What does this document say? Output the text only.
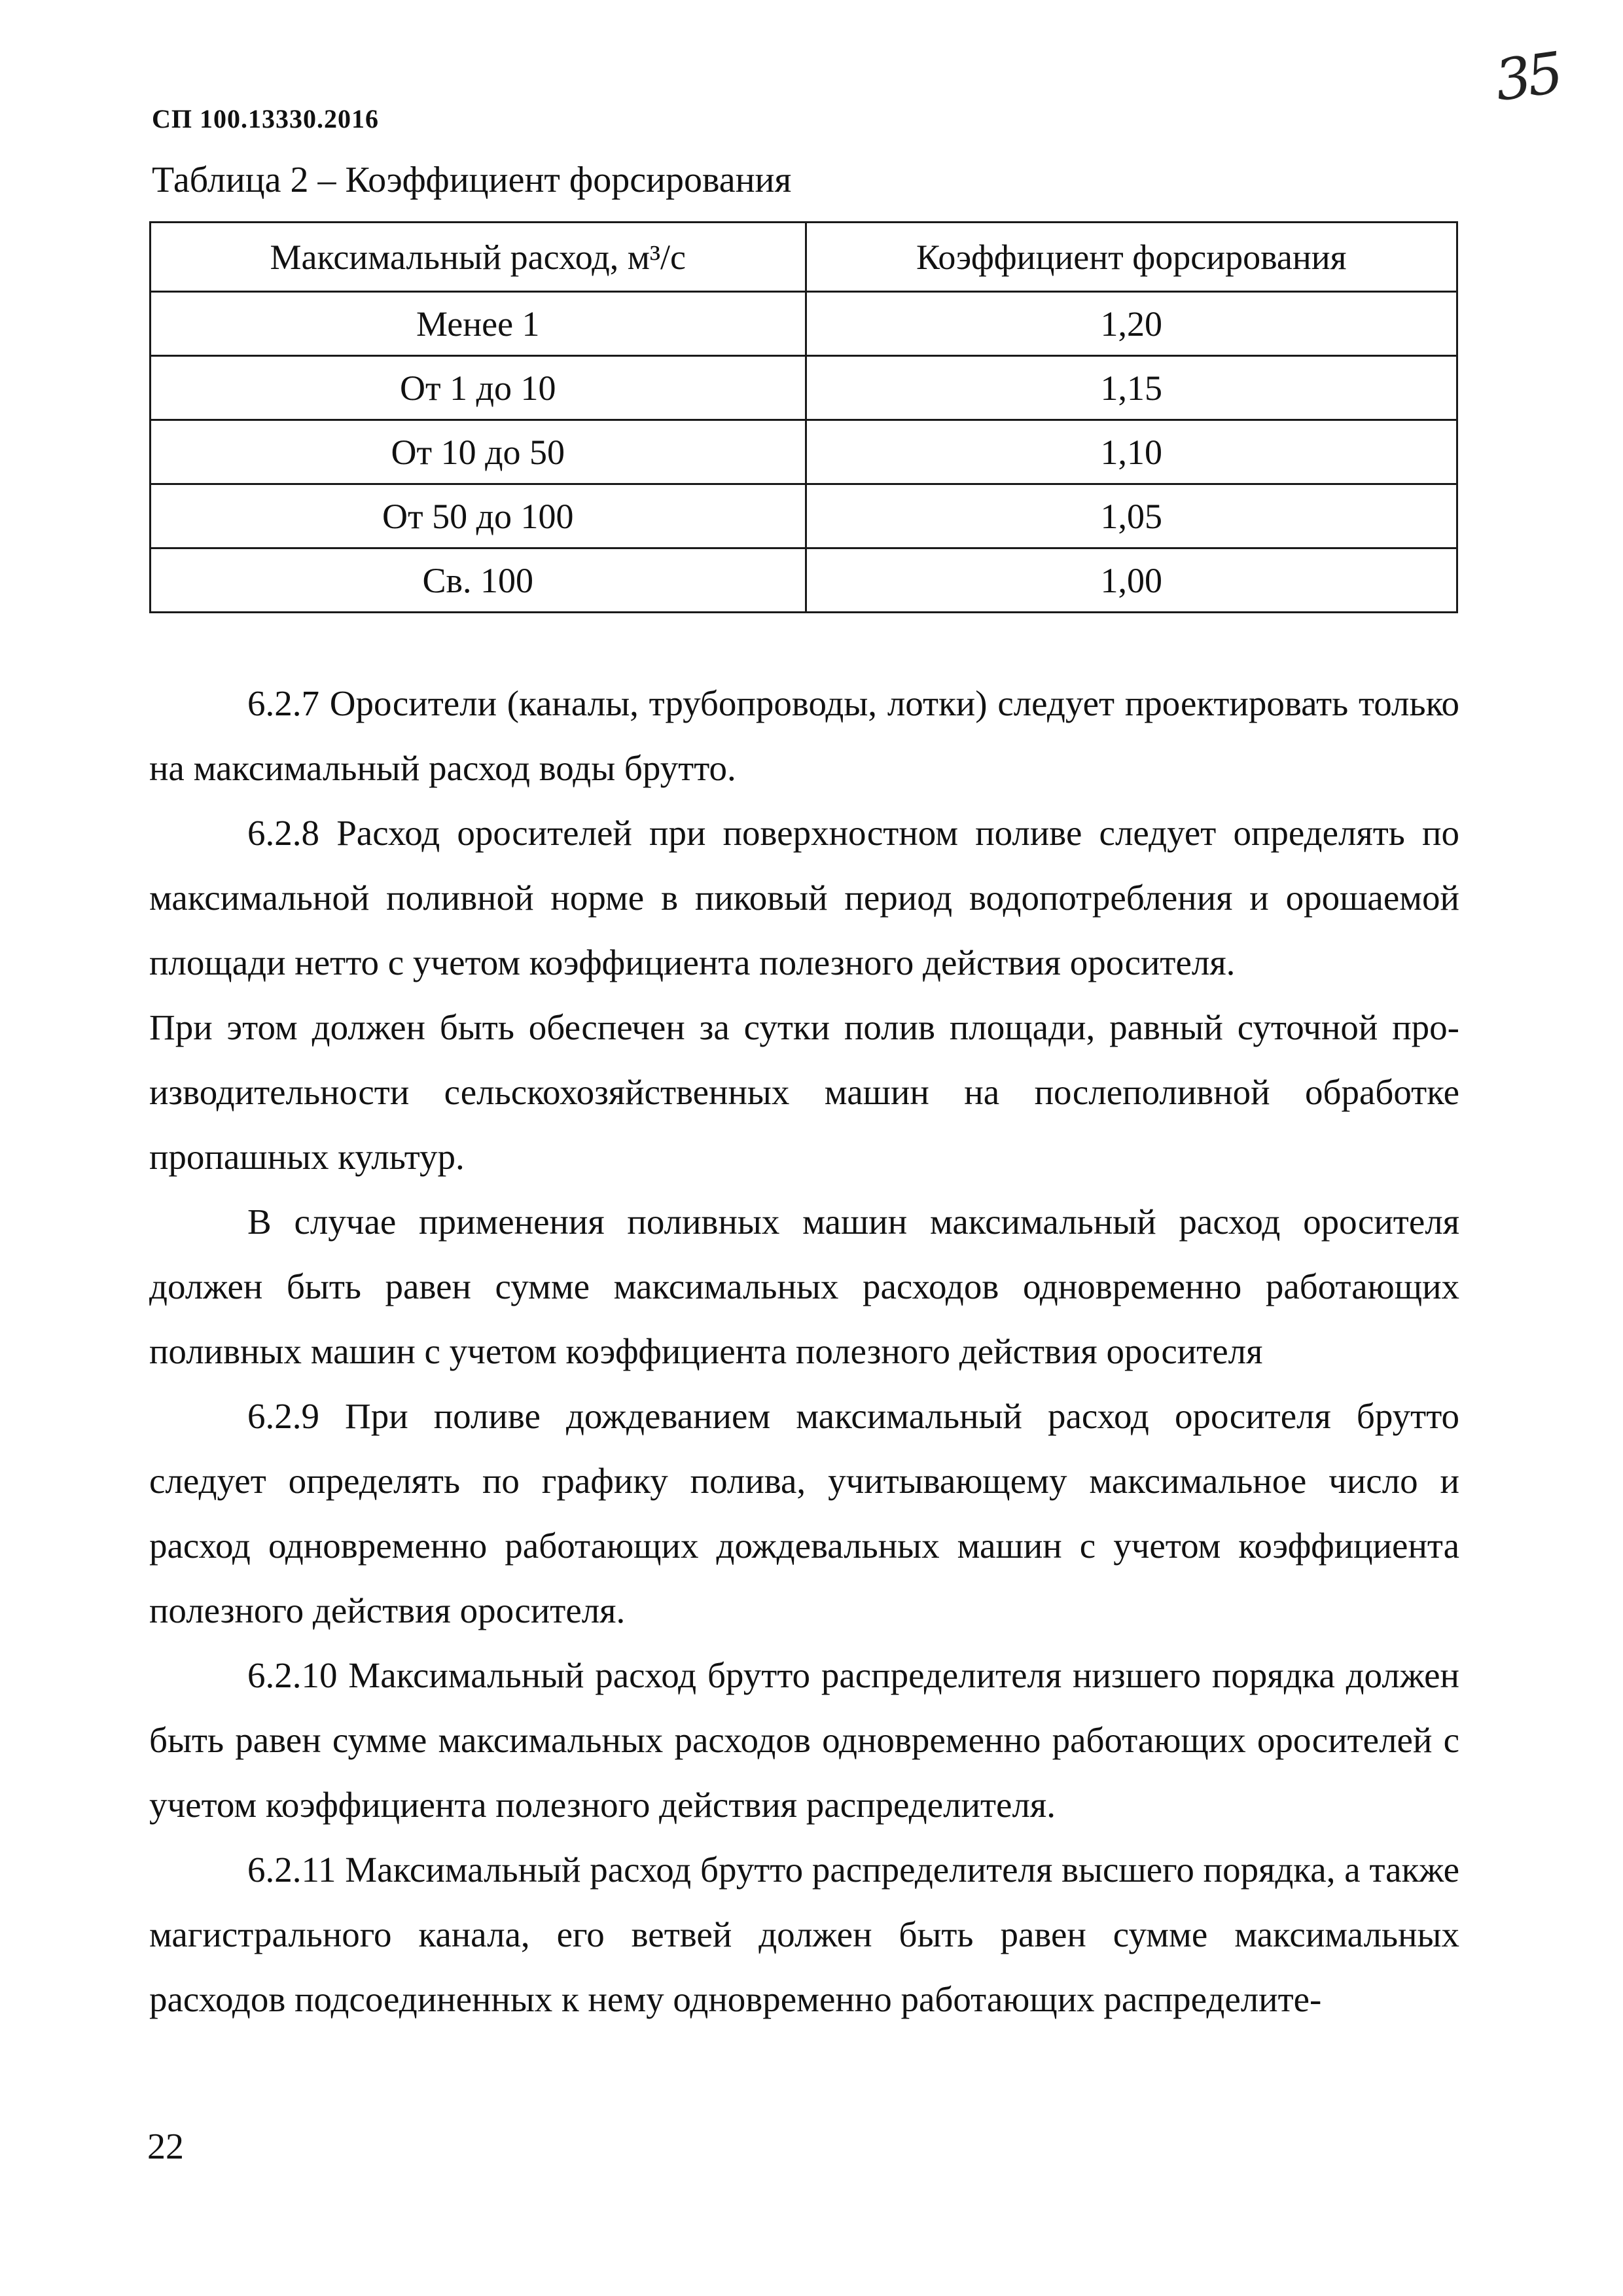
35
СП 100.13330.2016
Таблица 2 – Коэффициент форсирования
Максимальный расход, м³/с	Коэффициент форсирования
Менее 1	1,20
От 1 до 10	1,15
От 10 до 50	1,10
От 50 до 100	1,05
Св. 100	1,00

6.2.7 Оросители (каналы, трубопроводы, лотки) следует проектировать только на максимальный расход воды брутто.

6.2.8 Расход оросителей при поверхностном поливе следует определять по максимальной поливной норме в пиковый период водопотребления и орошаемой площади нетто с учетом коэффициента полезного действия оросителя.

При этом должен быть обеспечен за сутки полив площади, равный суточной производительности сельскохозяйственных машин на послеполивной обработке пропашных культур.

В случае применения поливных машин максимальный расход оросителя должен быть равен сумме максимальных расходов одновременно работающих поливных машин с учетом коэффициента полезного действия оросителя

6.2.9 При поливе дождеванием максимальный расход оросителя брутто следует определять по графику полива, учитывающему максимальное число и расход одновременно работающих дождевальных машин с учетом коэффициента полезного действия оросителя.

6.2.10 Максимальный расход брутто распределителя низшего порядка должен быть равен сумме максимальных расходов одновременно работающих оросителей с учетом коэффициента полезного действия распределителя.

6.2.11 Максимальный расход брутто распределителя высшего порядка, а также магистрального канала, его ветвей должен быть равен сумме максимальных расходов подсоединенных к нему одновременно работающих распределите-

22
